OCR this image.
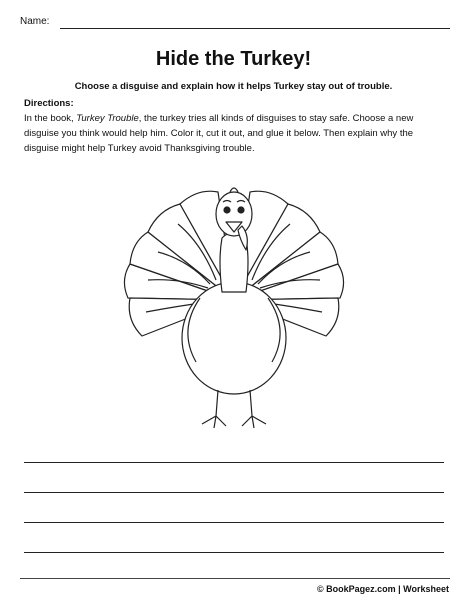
Name:
Hide the Turkey!
Choose a disguise and explain how it helps Turkey stay out of trouble.
Directions:
In the book, Turkey Trouble, the turkey tries all kinds of disguises to stay safe. Choose a new disguise you think would help him. Color it, cut it out, and glue it below. Then explain why the disguise might help Turkey avoid Thanksgiving trouble.
© BookPagez.com | Worksheet
